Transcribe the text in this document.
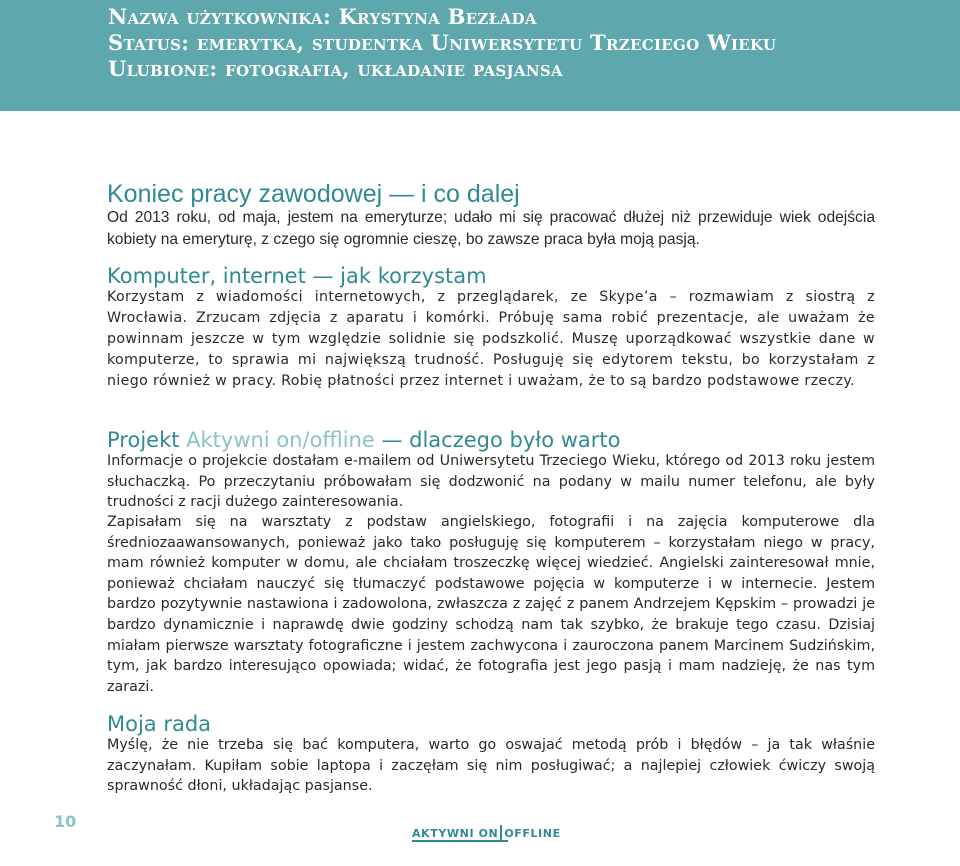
Nazwa użytkownika: Krystyna Bezłada
Status: emerytka, studentka Uniwersytetu Trzeciego Wieku
Ulubione: fotografia, układanie pasjansa
Koniec pracy zawodowej — i co dalej
Od 2013 roku, od maja, jestem na emeryturze; udało mi się pracować dłużej niż przewiduje wiek odejścia kobiety na emeryturę, z czego się ogromnie cieszę, bo zawsze praca była moją pasją.
Komputer, internet — jak korzystam
Korzystam z wiadomości internetowych, z przeglądarek, ze Skype’a – rozmawiam z siostrą z Wrocławia. Zrzucam zdjęcia z aparatu i komórki. Próbuję sama robić prezentacje, ale uważam że powinnam jeszcze w tym względzie solidnie się podszkolić. Muszę uporządkować wszystkie dane w komputerze, to sprawia mi największą trudność. Posługuję się edytorem tekstu, bo korzystałam z niego również w pracy. Robię płatności przez internet i uważam, że to są bardzo podstawowe rzeczy.
Projekt Aktywni on/offline — dlaczego było warto
Informacje o projekcie dostałam e-mailem od Uniwersytetu Trzeciego Wieku, którego od 2013 roku jestem słuchaczką. Po przeczytaniu próbowałam się dodzwonić na podany w mailu numer telefonu, ale były trudności z racji dużego zainteresowania.
Zapisałam się na warsztaty z podstaw angielskiego, fotografii i na zajęcia komputerowe dla średniozaawansowanych, ponieważ jako tako posługuję się komputerem – korzystałam niego w pracy, mam również komputer w domu, ale chciałam troszeczkę więcej wiedzieć. Angielski zainteresował mnie, ponieważ chciałam nauczyć się tłumaczyć podstawowe pojęcia w komputerze i w internecie. Jestem bardzo pozytywnie nastawiona i zadowolona, zwłaszcza z zajęć z panem Andrzejem Kępskim – prowadzi je bardzo dynamicznie i naprawdę dwie godziny schodzą nam tak szybko, że brakuje tego czasu. Dzisiaj miałam pierwsze warsztaty fotograficzne i jestem zachwycona i zauroczona panem Marcinem Sudzińskim, tym, jak bardzo interesująco opowiada; widać, że fotografia jest jego pasją i mam nadzieję, że nas tym zarazi.
Moja rada
Myślę, że nie trzeba się bać komputera, warto go oswajać metodą prób i błędów – ja tak właśnie zaczynałam. Kupiłam sobie laptopa i zaczęłam się nim posługiwać; a najlepiej człowiek ćwiczy swoją sprawność dłoni, układając pasjanse.
10
AKTYWNI ON OFFLINE
